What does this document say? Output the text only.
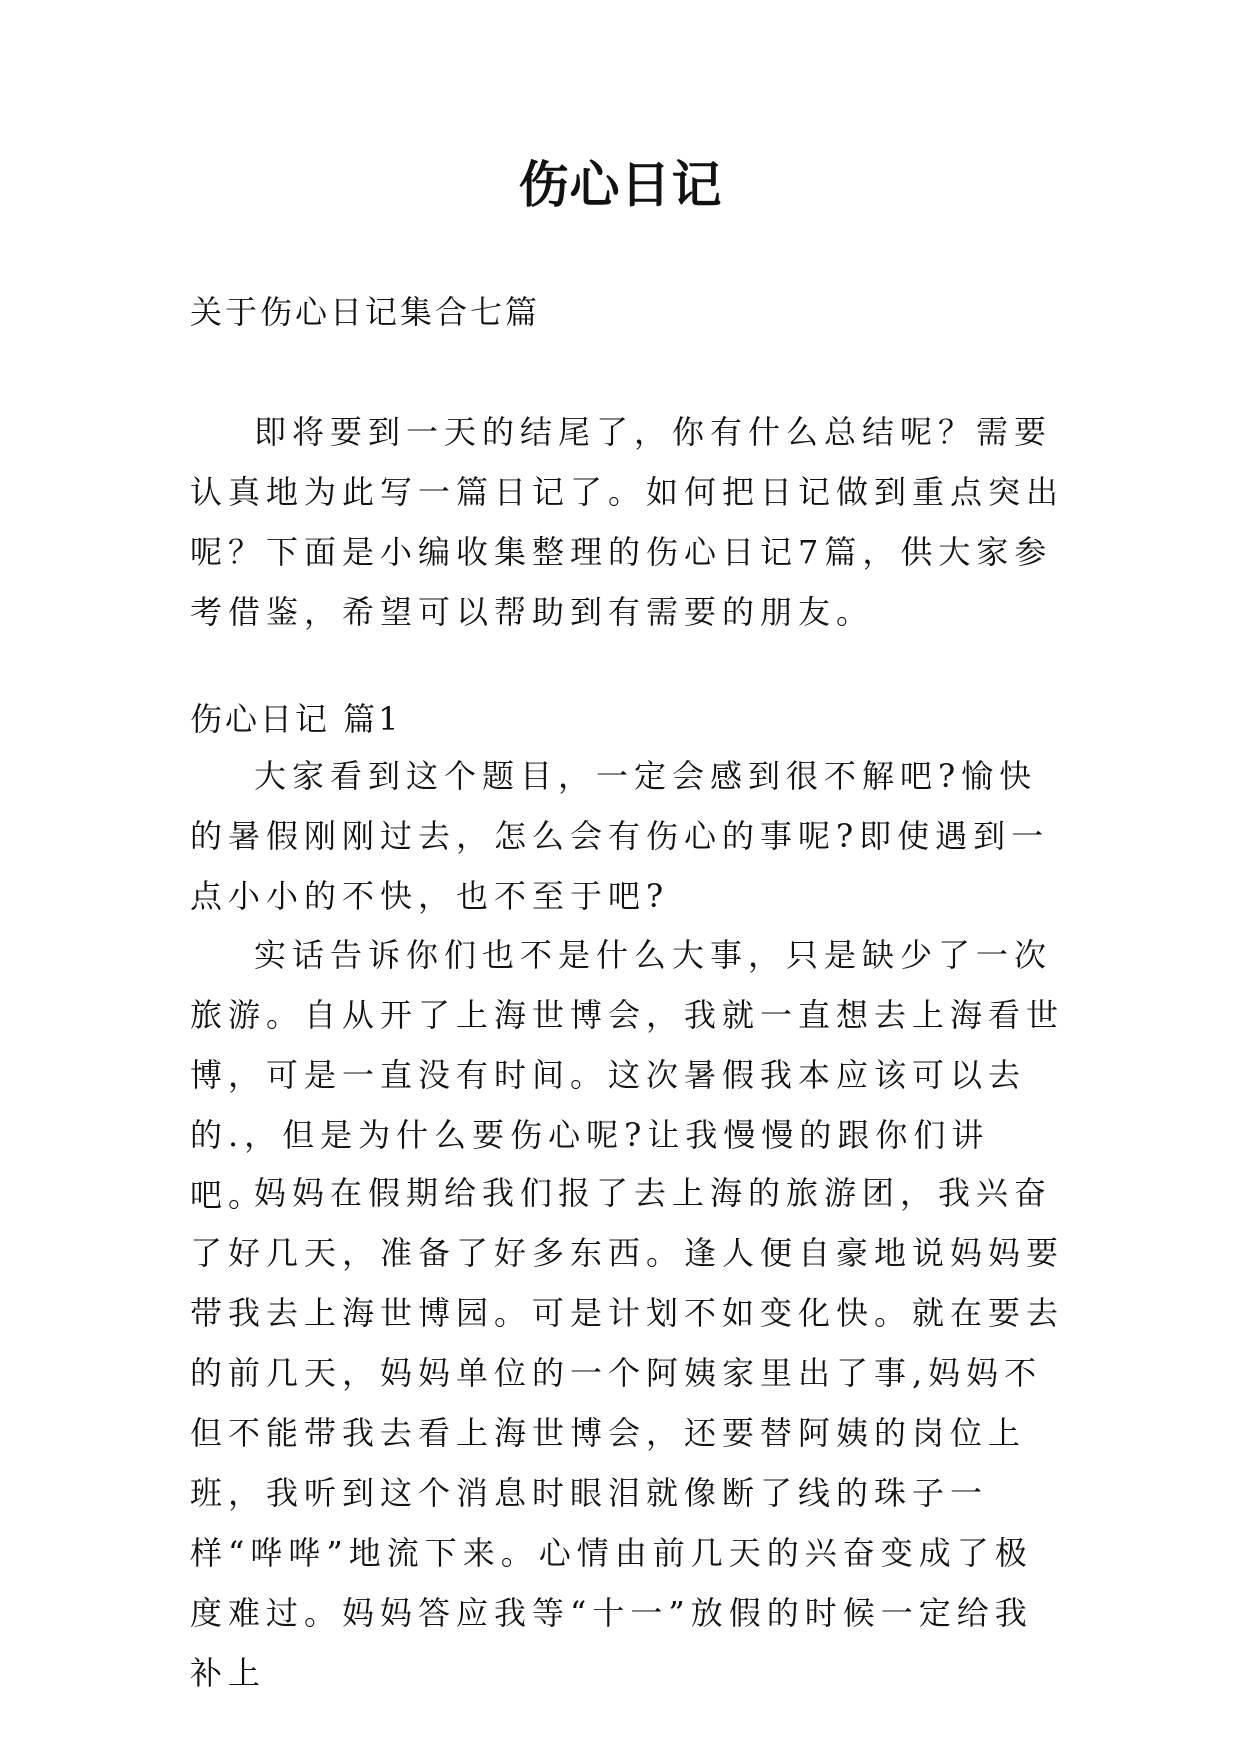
伤心日记

关于伤心日记集合七篇

即将要到一天的结尾了，你有什么总结呢？需要认真地为此写一篇日记了。如何把日记做到重点突出呢？下面是小编收集整理的伤心日记7篇，供大家参考借鉴，希望可以帮助到有需要的朋友。

伤心日记 篇1

大家看到这个题目，一定会感到很不解吧?愉快的暑假刚刚过去，怎么会有伤心的事呢?即使遇到一点小小的不快，也不至于吧?

实话告诉你们也不是什么大事，只是缺少了一次旅游。自从开了上海世博会，我就一直想去上海看世博，可是一直没有时间。这次暑假我本应该可以去的.，但是为什么要伤心呢?让我慢慢的跟你们讲吧。

妈妈在假期给我们报了去上海的旅游团，我兴奋了好几天，准备了好多东西。逢人便自豪地说妈妈要带我去上海世博园。可是计划不如变化快。就在要去的前几天，妈妈单位的一个阿姨家里出了事,妈妈不但不能带我去看上海世博会，还要替阿姨的岗位上班，我听到这个消息时眼泪就像断了线的珠子一样“哗哗”地流下来。心情由前几天的兴奋变成了极度难过。妈妈答应我等“十一”放假的时候一定给我补上
